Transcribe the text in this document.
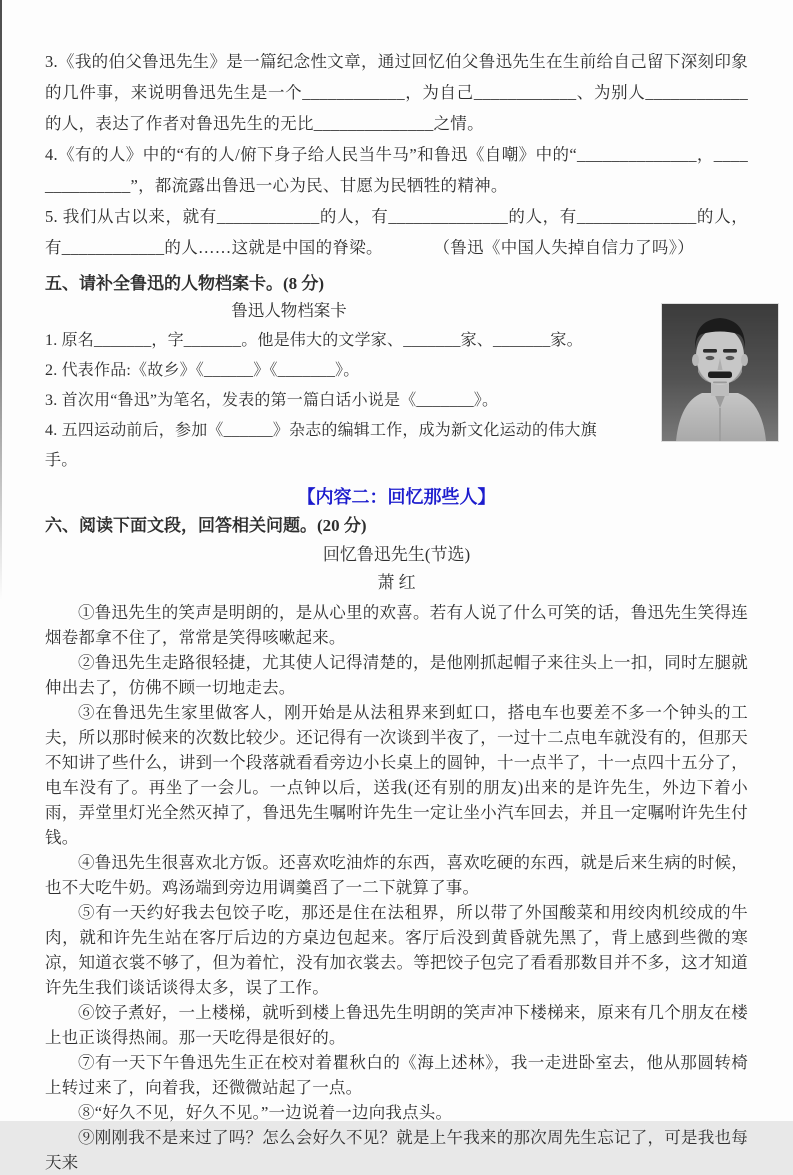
3.《我的伯父鲁迅先生》是一篇纪念性文章，通过回忆伯父鲁迅先生在生前给自己留下深刻印象的几件事，来说明鲁迅先生是一个____________，为自己____________、为别人____________的人，表达了作者对鲁迅先生的无比______________之情。

4.《有的人》中的“有的人/俯下身子给人民当牛马”和鲁迅《自嘲》中的“______________，______________”，都流露出鲁迅一心为民、甘愿为民牺牲的精神。

5. 我们从古以来，就有____________的人，有______________的人，有______________的人，有____________的人……这就是中国的脊梁。　　　　（鲁迅《中国人失掉自信力了吗》）

五、请补全鲁迅的人物档案卡。(8 分)
鲁迅人物档案卡

1. 原名_______，字_______。他是伟大的文学家、_______家、_______家。

2. 代表作品:《故乡》《______》《_______》。

3. 首次用“鲁迅”为笔名，发表的第一篇白话小说是《_______》。

4. 五四运动前后，参加《______》杂志的编辑工作，成为新文化运动的伟大旗手。

【内容二：回忆那些人】
六、阅读下面文段，回答相关问题。(20 分)
回忆鲁迅先生(节选)
萧 红

①鲁迅先生的笑声是明朗的，是从心里的欢喜。若有人说了什么可笑的话，鲁迅先生笑得连烟卷都拿不住了，常常是笑得咳嗽起来。

②鲁迅先生走路很轻捷，尤其使人记得清楚的，是他刚抓起帽子来往头上一扣，同时左腿就伸出去了，仿佛不顾一切地走去。

③在鲁迅先生家里做客人，刚开始是从法租界来到虹口，搭电车也要差不多一个钟头的工夫，所以那时候来的次数比较少。还记得有一次谈到半夜了，一过十二点电车就没有的，但那天不知讲了些什么，讲到一个段落就看看旁边小长桌上的圆钟，十一点半了，十一点四十五分了，电车没有了。再坐了一会儿。一点钟以后，送我(还有别的朋友)出来的是许先生，外边下着小雨，弄堂里灯光全然灭掉了，鲁迅先生嘱咐许先生一定让坐小汽车回去，并且一定嘱咐许先生付钱。

④鲁迅先生很喜欢北方饭。还喜欢吃油炸的东西，喜欢吃硬的东西，就是后来生病的时候，也不大吃牛奶。鸡汤端到旁边用调羹舀了一二下就算了事。

⑤有一天约好我去包饺子吃，那还是住在法租界，所以带了外国酸菜和用绞肉机绞成的牛肉，就和许先生站在客厅后边的方桌边包起来。客厅后没到黄昏就先黑了，背上感到些微的寒凉，知道衣裳不够了，但为着忙，没有加衣裳去。等把饺子包完了看看那数目并不多，这才知道许先生我们谈话谈得太多，误了工作。

⑥饺子煮好，一上楼梯，就听到楼上鲁迅先生明朗的笑声冲下楼梯来，原来有几个朋友在楼上也正谈得热闹。那一天吃得是很好的。

⑦有一天下午鲁迅先生正在校对着瞿秋白的《海上述林》，我一走进卧室去，他从那圆转椅上转过来了，向着我，还微微站起了一点。

⑧“好久不见，好久不见。”一边说着一边向我点头。

⑨刚刚我不是来过了吗？怎么会好久不见？就是上午我来的那次周先生忘记了，可是我也每天来
